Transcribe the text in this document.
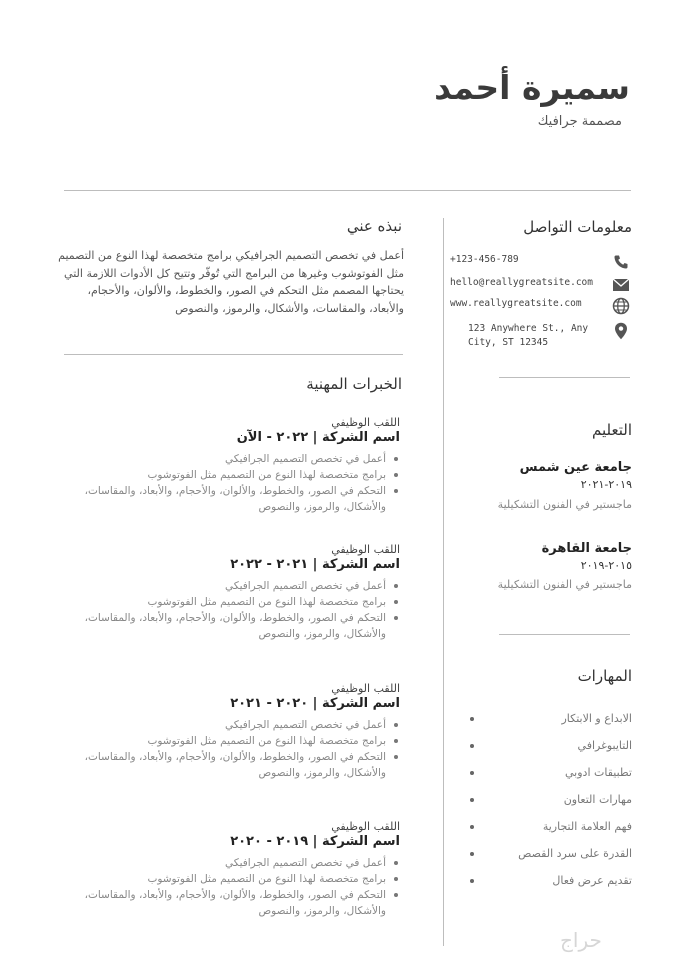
سميرة أحمد
مصممة جرافيك
معلومات التواصل
+123-456-789
hello@reallygreatsite.com
www.reallygreatsite.com
123 Anywhere St., Any City, ST 12345
التعليم
جامعة عين شمس
٢٠١٩-٢٠٢١
ماجستير في الفنون التشكيلية
جامعة القاهرة
٢٠١٥-٢٠١٩
ماجستير في الفنون التشكيلية
المهارات
الابداع و الابتكار
التايبوغرافي
تطبيقات ادوبي
مهارات التعاون
فهم العلامة التجارية
القدرة على سرد القصص
تقديم عرض فعال
نبذه عني
أعمل في تخصص التصميم الجرافيكي برامج متخصصة لهذا النوع من التصميم مثل الفوتوشوب وغيرها من البرامج التي تُوفّر وتتيح كل الأدوات اللازمة التي يحتاجها المصمم مثل التحكم في الصور، والخطوط، والألوان، والأحجام، والأبعاد، والمقاسات، والأشكال، والرموز، والنصوص
الخبرات المهنية
اللقب الوظيفي
اسم الشركة | ٢٠٢٢ - الآن
أعمل في تخصص التصميم الجرافيكي
برامج متخصصة لهذا النوع من التصميم مثل الفوتوشوب
التحكم في الصور، والخطوط، والألوان، والأحجام، والأبعاد، والمقاسات، والأشكال، والرموز، والنصوص
اللقب الوظيفي
اسم الشركة | ٢٠٢١ - ٢٠٢٢
أعمل في تخصص التصميم الجرافيكي
برامج متخصصة لهذا النوع من التصميم مثل الفوتوشوب
التحكم في الصور، والخطوط، والألوان، والأحجام، والأبعاد، والمقاسات، والأشكال، والرموز، والنصوص
اللقب الوظيفي
اسم الشركة | ٢٠٢٠ - ٢٠٢١
أعمل في تخصص التصميم الجرافيكي
برامج متخصصة لهذا النوع من التصميم مثل الفوتوشوب
التحكم في الصور، والخطوط، والألوان، والأحجام، والأبعاد، والمقاسات، والأشكال، والرموز، والنصوص
اللقب الوظيفي
اسم الشركة | ٢٠١٩ - ٢٠٢٠
أعمل في تخصص التصميم الجرافيكي
برامج متخصصة لهذا النوع من التصميم مثل الفوتوشوب
التحكم في الصور، والخطوط، والألوان، والأحجام، والأبعاد، والمقاسات، والأشكال، والرموز، والنصوص
حراج
